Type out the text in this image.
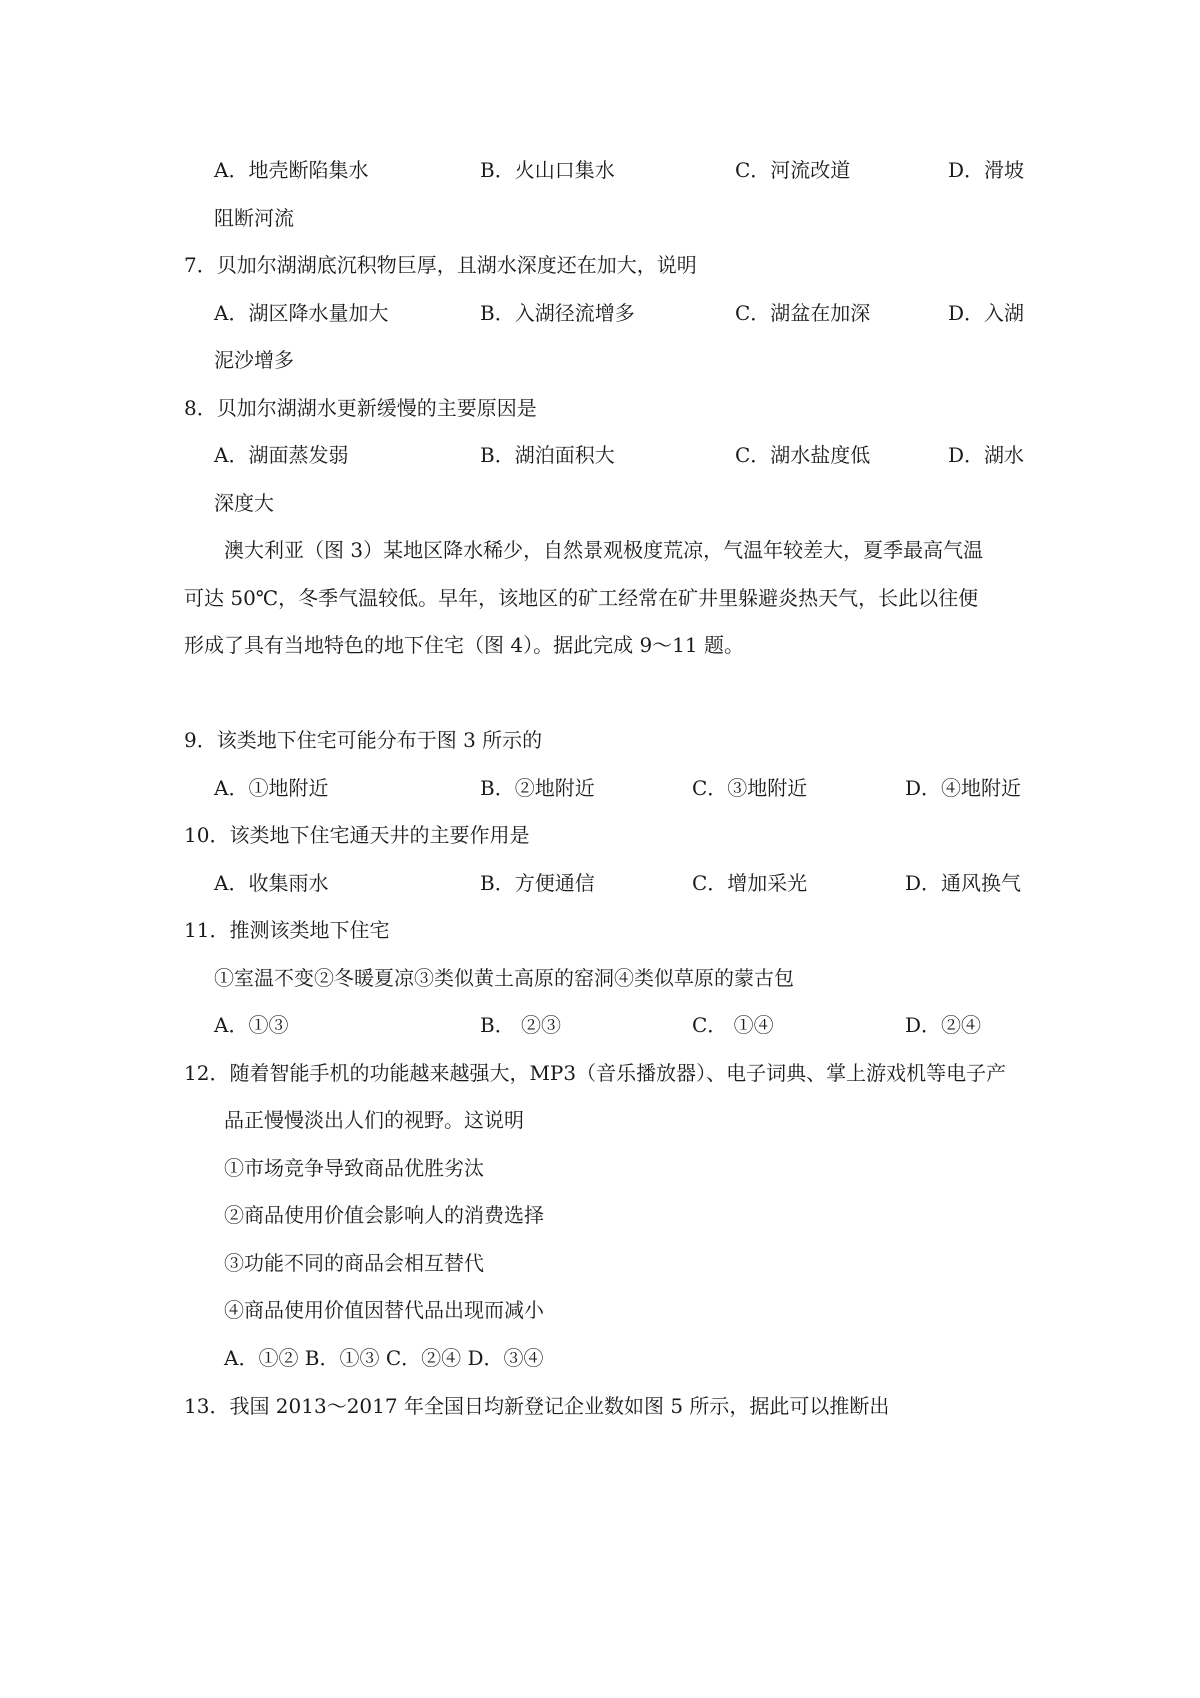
A．地壳断陷集水	B．火山口集水	C．河流改道	D．滑坡
阻断河流
7．贝加尔湖湖底沉积物巨厚，且湖水深度还在加大，说明
A．湖区降水量加大	B．入湖径流增多	C．湖盆在加深	D．入湖
泥沙增多
8．贝加尔湖湖水更新缓慢的主要原因是
A．湖面蒸发弱	B．湖泊面积大	C．湖水盐度低	D．湖水
深度大
澳大利亚（图 3）某地区降水稀少，自然景观极度荒凉，气温年较差大，夏季最高气温
可达 50℃，冬季气温较低。早年，该地区的矿工经常在矿井里躲避炎热天气，长此以往便
形成了具有当地特色的地下住宅（图 4）。据此完成 9～11 题。
9．该类地下住宅可能分布于图 3 所示的
A．①地附近	B．②地附近	C．③地附近	D．④地附近
10．该类地下住宅通天井的主要作用是
A．收集雨水	B．方便通信	C．增加采光	D．通风换气
11．推测该类地下住宅
①室温不变②冬暖夏凉③类似黄土高原的窑洞④类似草原的蒙古包
A．①③	B． ②③	C． ①④	D．②④
12．随着智能手机的功能越来越强大，MP3（音乐播放器）、电子词典、掌上游戏机等电子产
品正慢慢淡出人们的视野。这说明
①市场竞争导致商品优胜劣汰
②商品使用价值会影响人的消费选择
③功能不同的商品会相互替代
④商品使用价值因替代品出现而减小
A．①② B．①③ C．②④ D．③④
13．我国 2013～2017 年全国日均新登记企业数如图 5 所示，据此可以推断出
